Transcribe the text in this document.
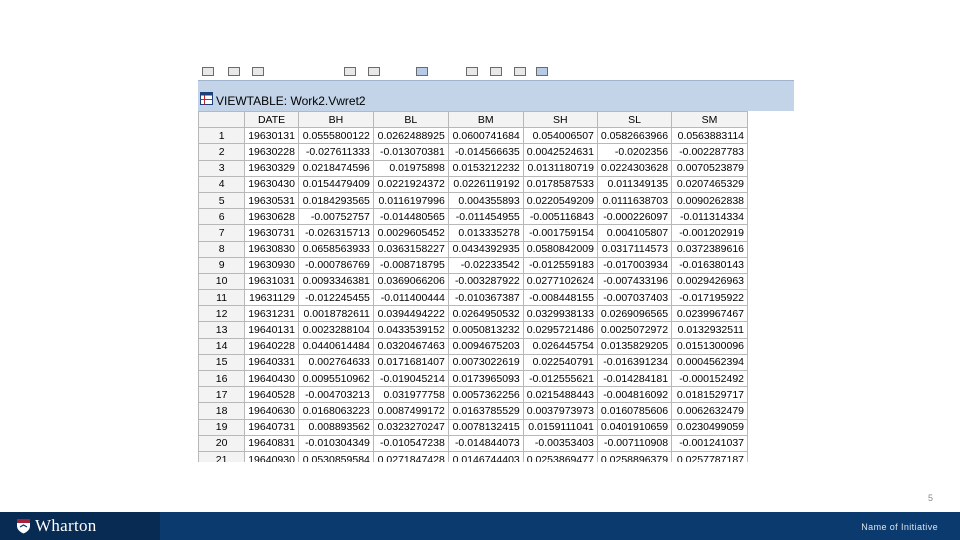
VIEWTABLE: Work2.Vwret2
	DATE	BH	BL	BM	SH	SL	SM
1	19630131	0.0555800122	0.0262488925	0.0600741684	0.054006507	0.0582663966	0.0563883114
2	19630228	-0.027611333	-0.013070381	-0.014566635	0.0042524631	-0.0202356	-0.002287783
3	19630329	0.0218474596	0.01975898	0.0153212232	0.0131180719	0.0224303628	0.0070523879
4	19630430	0.0154479409	0.0221924372	0.0226119192	0.0178587533	0.011349135	0.0207465329
5	19630531	0.0184293565	0.0116197996	0.004355893	0.0220549209	0.0111638703	0.0090262838
6	19630628	-0.00752757	-0.014480565	-0.011454955	-0.005116843	-0.000226097	-0.011314334
7	19630731	-0.026315713	0.0029605452	0.013335278	-0.001759154	0.004105807	-0.001202919
8	19630830	0.0658563933	0.0363158227	0.0434392935	0.0580842009	0.0317114573	0.0372389616
9	19630930	-0.000786769	-0.008718795	-0.02233542	-0.012559183	-0.017003934	-0.016380143
10	19631031	0.0093346381	0.0369066206	-0.003287922	0.0277102624	-0.007433196	0.0029426963
11	19631129	-0.012245455	-0.011400444	-0.010367387	-0.008448155	-0.007037403	-0.017195922
12	19631231	0.0018782611	0.0394494222	0.0264950532	0.0329938133	0.0269096565	0.0239967467
13	19640131	0.0023288104	0.0433539152	0.0050813232	0.0295721486	0.0025072972	0.0132932511
14	19640228	0.0440614484	0.0320467463	0.0094675203	0.026445754	0.0135829205	0.0151300096
15	19640331	0.002764633	0.0171681407	0.0073022619	0.022540791	-0.016391234	0.0004562394
16	19640430	0.0095510962	-0.019045214	0.0173965093	-0.012555621	-0.014284181	-0.000152492
17	19640528	-0.004703213	0.031977758	0.0057362256	0.0215488443	-0.004816092	0.0181529717
18	19640630	0.0168063223	0.0087499172	0.0163785529	0.0037973973	0.0160785606	0.0062632479
19	19640731	0.008893562	0.0323270247	0.0078132415	0.0159111041	0.0401910659	0.0230499059
20	19640831	-0.010304349	-0.010547238	-0.014844073	-0.00353403	-0.007110908	-0.001241037
21	19640930	0.0530859584	0.0271847428	0.0146744403	0.0253869477	0.0258896379	0.0257787187
5
Wharton	Name of Initiative
